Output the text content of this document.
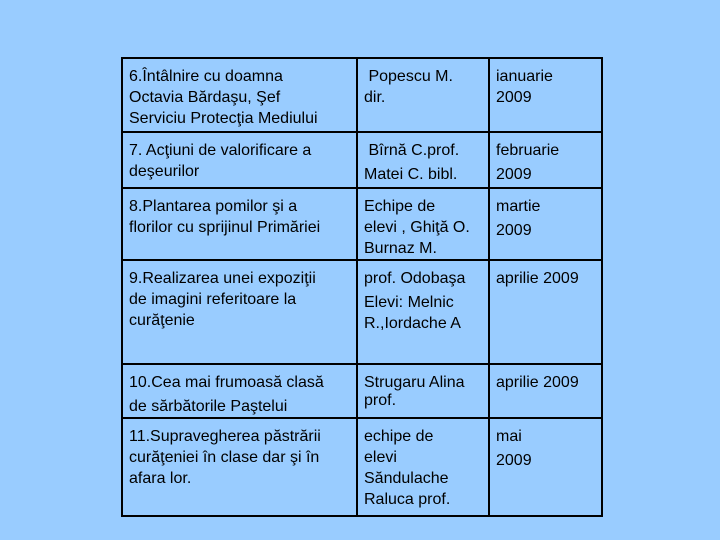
6.Întâlnire cu doamna
Octavia Bărdaşu, Şef
Serviciu Protecţia Mediului
Popescu M.
dir.
ianuarie
2009
7. Acţiuni de valorificare a
deşeurilor
Bîrnă C.prof.
Matei C. bibl.
februarie
2009
8.Plantarea pomilor şi a
florilor cu sprijinul Primăriei
Echipe de
elevi , Ghiţă O.
Burnaz M.
martie
2009
9.Realizarea unei expoziţii
de imagini referitoare la
curăţenie
prof. Odobaşa
Elevi: Melnic
R.,Iordache A
aprilie 2009
10.Cea mai frumoasă clasă
de sărbătorile Paştelui
Strugaru Alina
prof.
aprilie 2009
11.Supravegherea păstrării
curăţeniei în clase dar şi în
afara lor.
echipe de
elevi
Săndulache
Raluca prof.
mai
2009
